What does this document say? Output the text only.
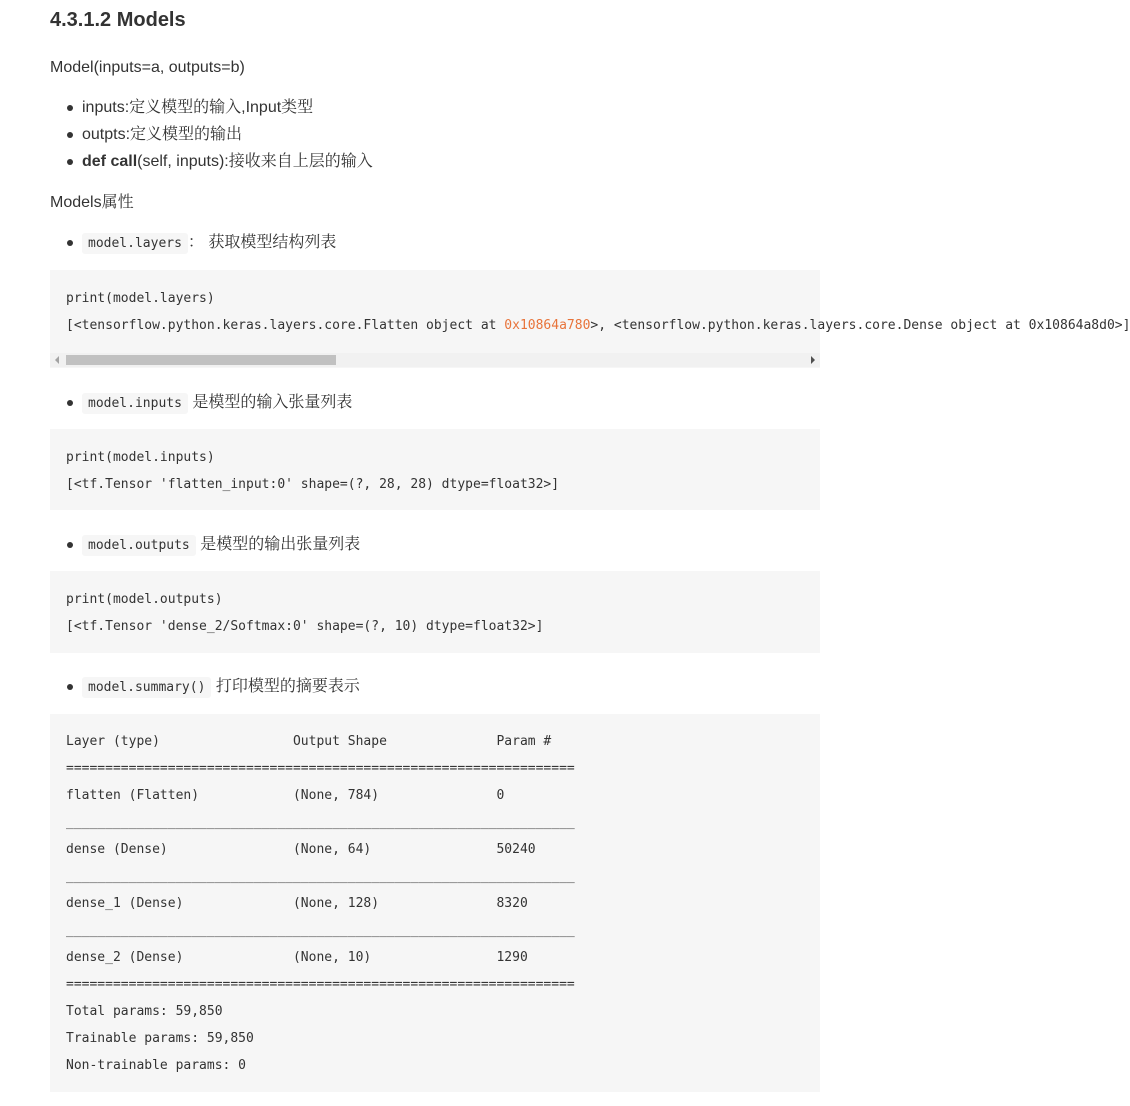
4.3.1.2 Models

Model(inputs=a, outputs=b)

inputs:定义模型的输入,Input类型
outpts:定义模型的输出
def call(self, inputs):接收来自上层的输入

Models属性

model.layers ： 获取模型结构列表
print(model.layers)
[<tensorflow.python.keras.layers.core.Flatten object at 0x10864a780>, <tensorflow.python.keras.layers.core.Dense object at 0x10864a8d0>]
model.inputs 是模型的输入张量列表
print(model.inputs)
[<tf.Tensor 'flatten_input:0' shape=(?, 28, 28) dtype=float32>]
model.outputs 是模型的输出张量列表
print(model.outputs)
[<tf.Tensor 'dense_2/Softmax:0' shape=(?, 10) dtype=float32>]
model.summary() 打印模型的摘要表示
Layer (type)                 Output Shape              Param #
=================================================================
flatten (Flatten)            (None, 784)               0
_________________________________________________________________
dense (Dense)                (None, 64)                50240
_________________________________________________________________
dense_1 (Dense)              (None, 128)               8320
_________________________________________________________________
dense_2 (Dense)              (None, 10)                1290
=================================================================
Total params: 59,850
Trainable params: 59,850
Non-trainable params: 0
